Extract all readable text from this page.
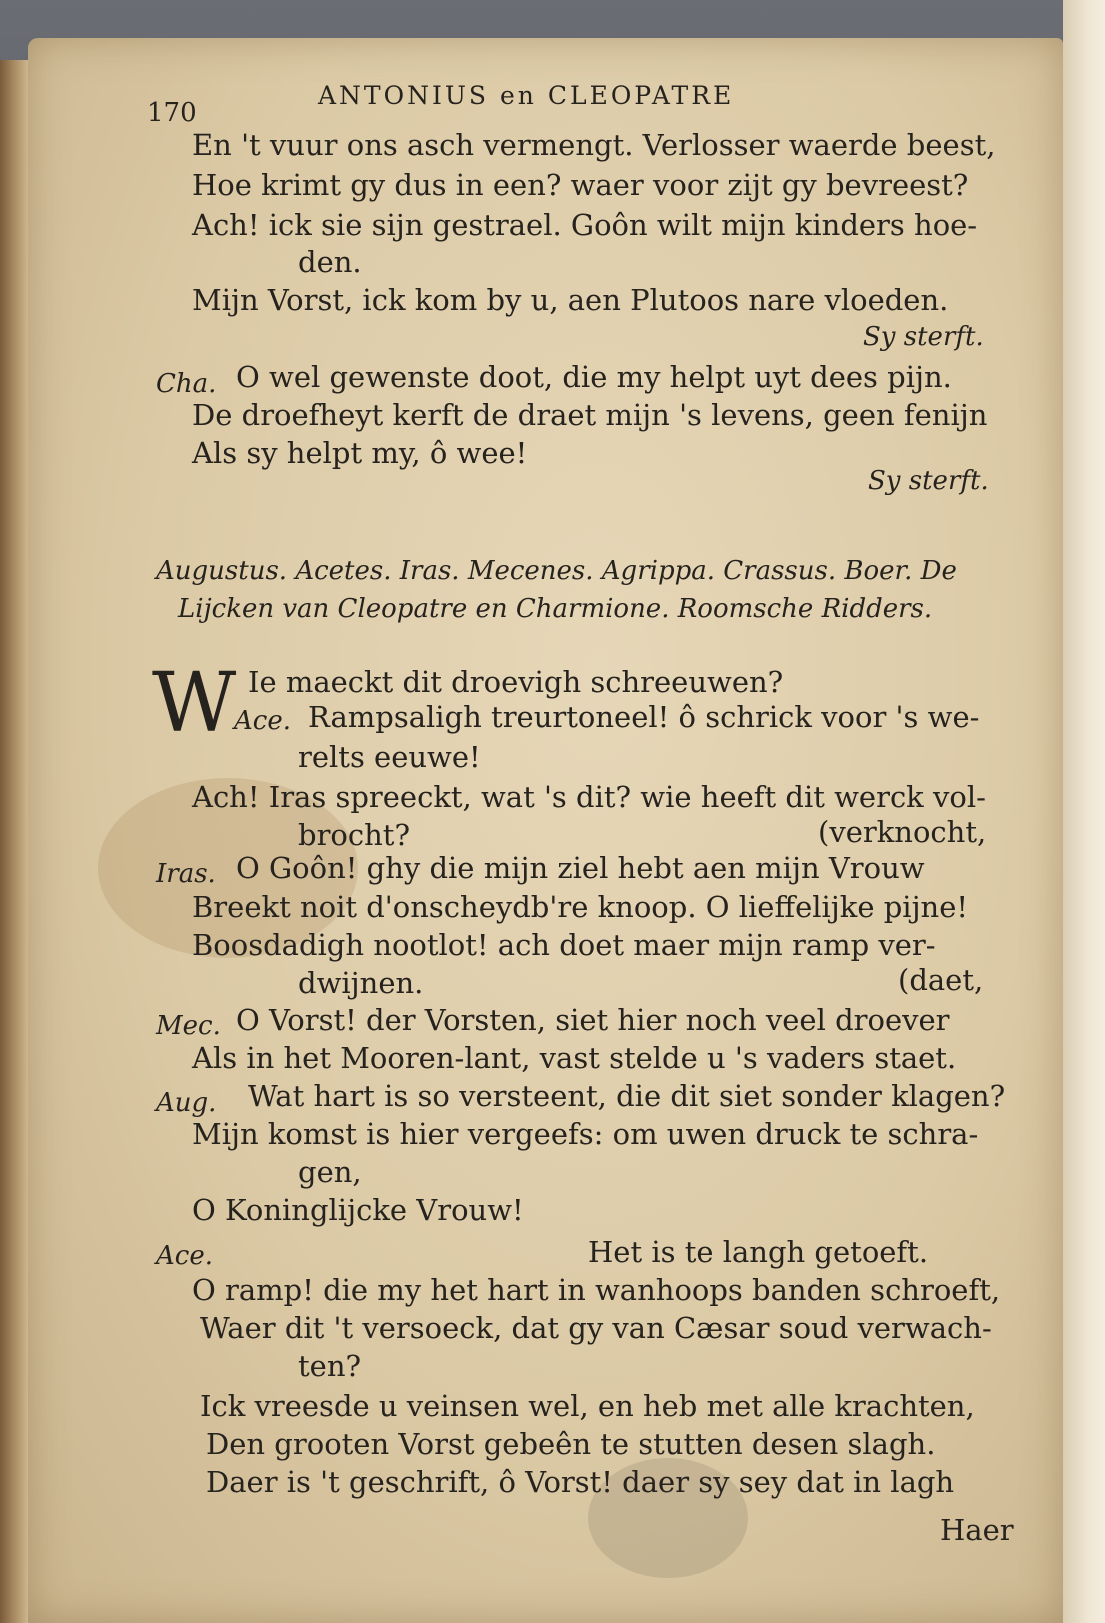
170
ANTONIUS en CLEOPATRE
En 't vuur ons asch vermengt. Verlosser waerde beest,
Hoe krimt gy dus in een? waer voor zijt gy bevreest?
Ach! ick sie sijn gestrael. Goôn wilt mijn kinders hoe-
den.
Mijn Vorst, ick kom by u, aen Plutoos nare vloeden.
Sy sterft.
Cha. O wel gewenste doot, die my helpt uyt dees pijn.
De droefheyt kerft de draet mijn 's levens, geen fenijn
Als sy helpt my, ô wee!
Sy sterft.
Augustus. Acetes. Iras. Mecenes. Agrippa. Crassus. Boer. De
Lijcken van Cleopatre en Charmione. Roomsche Ridders.
W Ie maeckt dit droevigh schreeuwen?
Ace. Rampsaligh treurtoneel! ô schrick voor 's we-
relts eeuwe!
Ach! Iras spreeckt, wat 's dit? wie heeft dit werck vol-
brocht?	(verknocht,
Iras. O Goôn! ghy die mijn ziel hebt aen mijn Vrouw
Breekt noit d'onscheydb're knoop. O lieffelijke pijne!
Boosdadigh nootlot! ach doet maer mijn ramp ver-
dwijnen.	(daet,
Mec. O Vorst! der Vorsten, siet hier noch veel droever
Als in het Mooren-lant, vast stelde u 's vaders staet.
Aug. Wat hart is so versteent, die dit siet sonder klagen?
Mijn komst is hier vergeefs: om uwen druck te schra-
gen,
O Koninglijcke Vrouw!
Ace.	Het is te langh getoeft.
O ramp! die my het hart in wanhoops banden schroeft,
Waer dit 't versoeck, dat gy van Cæsar soud verwach-
ten?
Ick vreesde u veinsen wel, en heb met alle krachten,
Den grooten Vorst gebeên te stutten desen slagh.
Daer is 't geschrift, ô Vorst! daer sy sey dat in lagh
Haer
